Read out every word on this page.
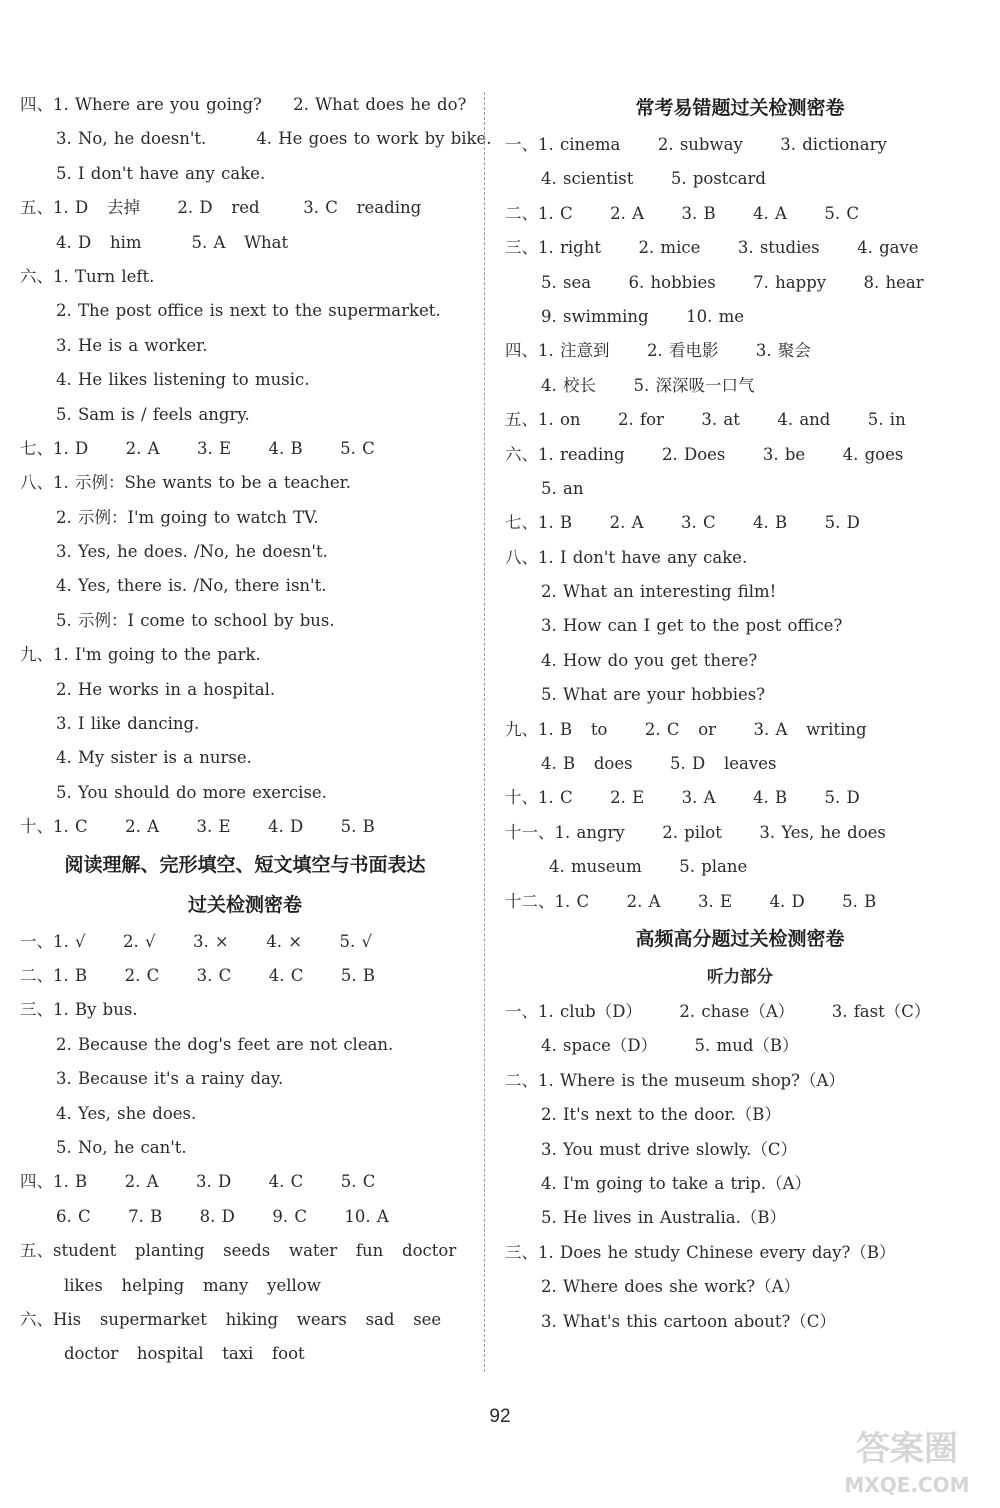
四、1. Where are you going?     2. What does he do?
3. No, he doesn't.        4. He goes to work by bike.
5. I don't have any cake.
五、1. D   去掉      2. D   red       3. C   reading
4. D   him        5. A   What
六、1. Turn left.
2. The post office is next to the supermarket.
3. He is a worker.
4. He likes listening to music.
5. Sam is / feels angry.
七、1. D      2. A      3. E      4. B      5. C
八、1. 示例：She wants to be a teacher.
2. 示例：I'm going to watch TV.
3. Yes, he does. /No, he doesn't.
4. Yes, there is. /No, there isn't.
5. 示例：I come to school by bus.
九、1. I'm going to the park.
2. He works in a hospital.
3. I like dancing.
4. My sister is a nurse.
5. You should do more exercise.
十、1. C      2. A      3. E      4. D      5. B
阅读理解、完形填空、短文填空与书面表达
过关检测密卷
一、1. √      2. √      3. ×      4. ×      5. √
二、1. B      2. C      3. C      4. C      5. B
三、1. By bus.
2. Because the dog's feet are not clean.
3. Because it's a rainy day.
4. Yes, she does.
5. No, he can't.
四、1. B      2. A      3. D      4. C      5. C
6. C      7. B      8. D      9. C      10. A
五、student   planting   seeds   water   fun   doctor
likes   helping   many   yellow
六、His   supermarket   hiking   wears   sad   see
doctor   hospital   taxi   foot
常考易错题过关检测密卷
一、1. cinema      2. subway      3. dictionary
4. scientist      5. postcard
二、1. C      2. A      3. B      4. A      5. C
三、1. right      2. mice      3. studies      4. gave
5. sea      6. hobbies      7. happy      8. hear
9. swimming      10. me
四、1. 注意到      2. 看电影      3. 聚会
4. 校长      5. 深深吸一口气
五、1. on      2. for      3. at      4. and      5. in
六、1. reading      2. Does      3. be      4. goes
5. an
七、1. B      2. A      3. C      4. B      5. D
八、1. I don't have any cake.
2. What an interesting film!
3. How can I get to the post office?
4. How do you get there?
5. What are your hobbies?
九、1. B   to      2. C   or      3. A   writing
4. B   does      5. D   leaves
十、1. C      2. E      3. A      4. B      5. D
十一、1. angry      2. pilot      3. Yes, he does
4. museum      5. plane
十二、1. C      2. A      3. E      4. D      5. B
高频高分题过关检测密卷
听力部分
一、1. club（D）      2. chase（A）      3. fast（C）
4. space（D）      5. mud（B）
二、1. Where is the museum shop?（A）
2. It's next to the door.（B）
3. You must drive slowly.（C）
4. I'm going to take a trip.（A）
5. He lives in Australia.（B）
三、1. Does he study Chinese every day?（B）
2. Where does she work?（A）
3. What's this cartoon about?（C）
92
答案圈
MXQE.COM
